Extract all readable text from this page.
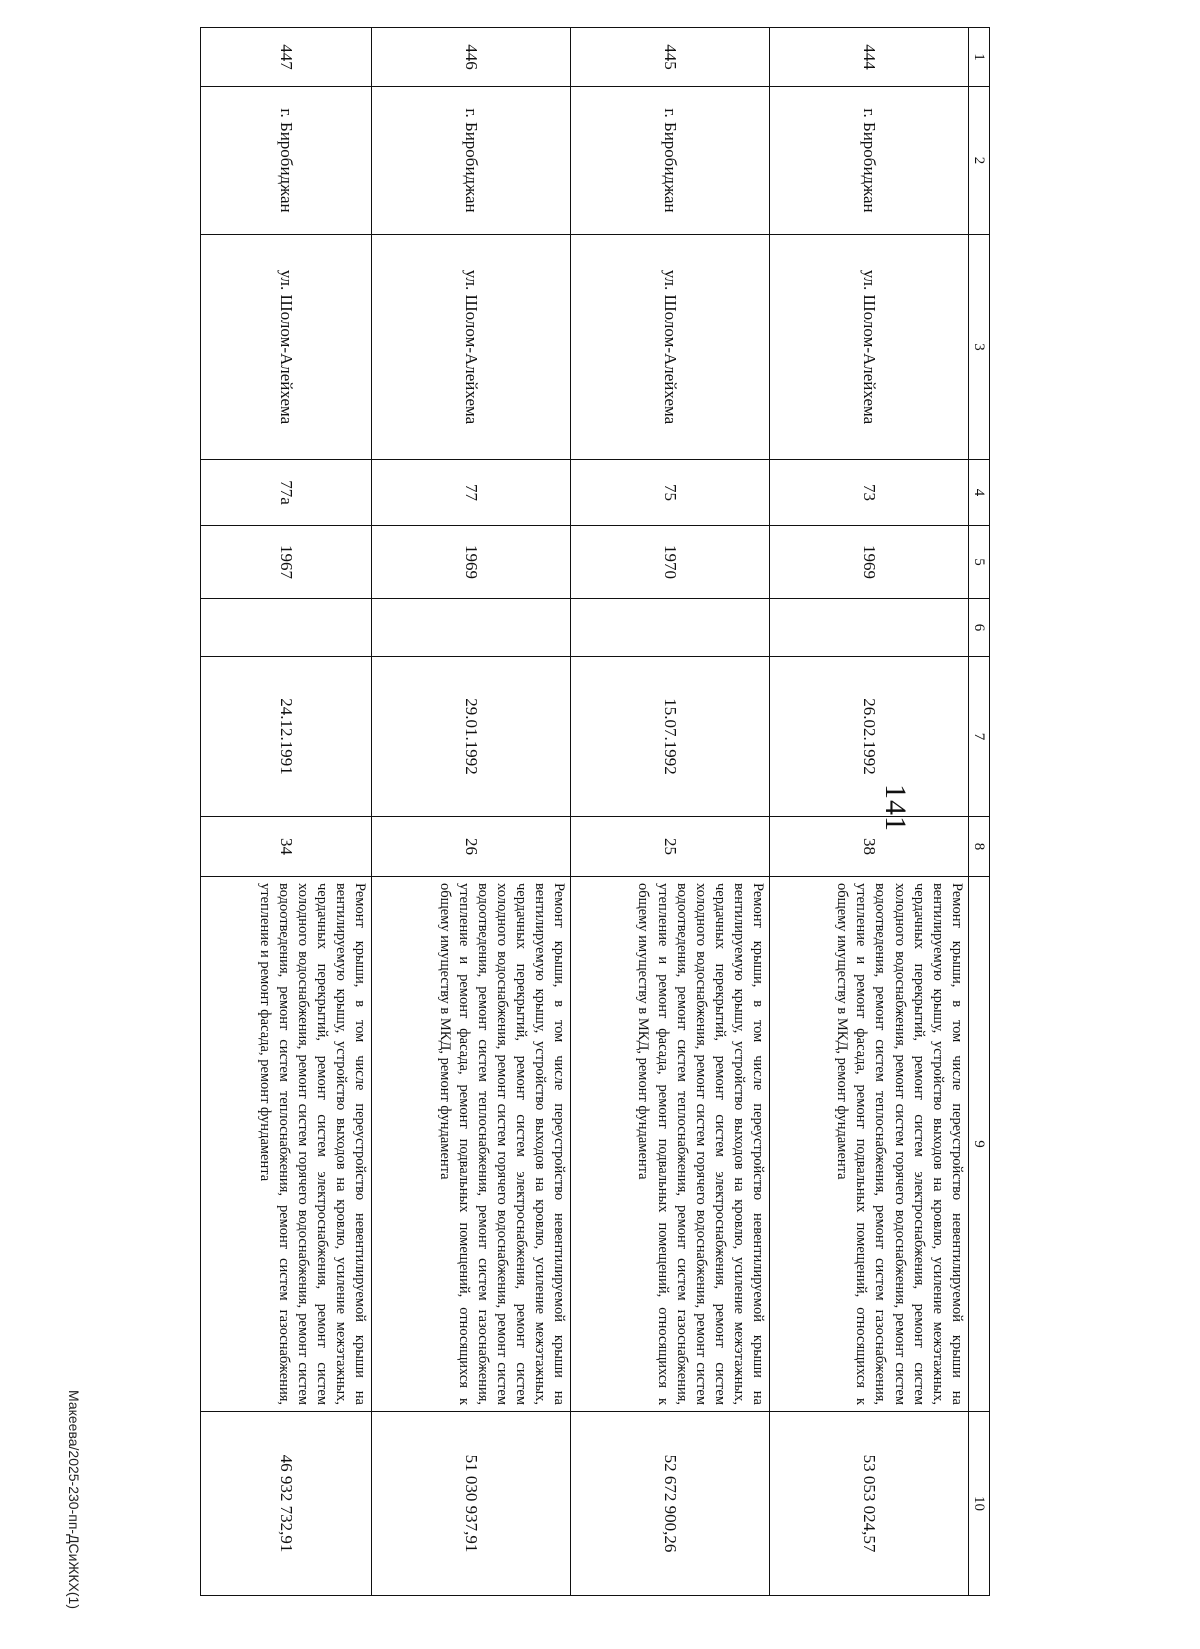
141
1	2	3	4	5	6	7	8	9	10
444	г. Биробиджан	ул. Шолом-Алейхема	73	1969		26.02.1992	38	Ремонт крыши, в том числе переустройство невентилируемой крыши на вентилируемую крышу, устройство выходов на кровлю, усиление межэтажных, чердачных перекрытий, ремонт систем электроснабжения, ремонт систем холодного водоснабжения, ремонт систем горячего водоснабжения, ремонт систем водоотведения, ремонт систем теплоснабжения, ремонт систем газоснабжения, утепление и ремонт фасада, ремонт подвальных помещений, относящихся к общему имуществу в МКД, ремонт фундамента	53 053 024,57
445	г. Биробиджан	ул. Шолом-Алейхема	75	1970		15.07.1992	25	Ремонт крыши, в том числе переустройство невентилируемой крыши на вентилируемую крышу, устройство выходов на кровлю, усиление межэтажных, чердачных перекрытий, ремонт систем электроснабжения, ремонт систем холодного водоснабжения, ремонт систем горячего водоснабжения, ремонт систем водоотведения, ремонт систем теплоснабжения, ремонт систем газоснабжения, утепление и ремонт фасада, ремонт подвальных помещений, относящихся к общему имуществу в МКД, ремонт фундамента	52 672 900,26
446	г. Биробиджан	ул. Шолом-Алейхема	77	1969		29.01.1992	26	Ремонт крыши, в том числе переустройство невентилируемой крыши на вентилируемую крышу, устройство выходов на кровлю, усиление межэтажных, чердачных перекрытий, ремонт систем электроснабжения, ремонт систем холодного водоснабжения, ремонт систем горячего водоснабжения, ремонт систем водоотведения, ремонт систем теплоснабжения, ремонт систем газоснабжения, утепление и ремонт фасада, ремонт подвальных помещений, относящихся к общему имуществу в МКД, ремонт фундамента	51 030 937,91
447	г. Биробиджан	ул. Шолом-Алейхема	77а	1967		24.12.1991	34	Ремонт крыши, в том числе переустройство невентилируемой крыши на вентилируемую крышу, устройство выходов на кровлю, усиление межэтажных, чердачных перекрытий, ремонт систем электроснабжения, ремонт систем холодного водоснабжения, ремонт систем горячего водоснабжения, ремонт систем водоотведения, ремонт систем теплоснабжения, ремонт систем газоснабжения, утепление и ремонт фасада, ремонт фундамента	46 932 732,91
Макеева/2025-230-пп-ДСиЖКХ(1)
